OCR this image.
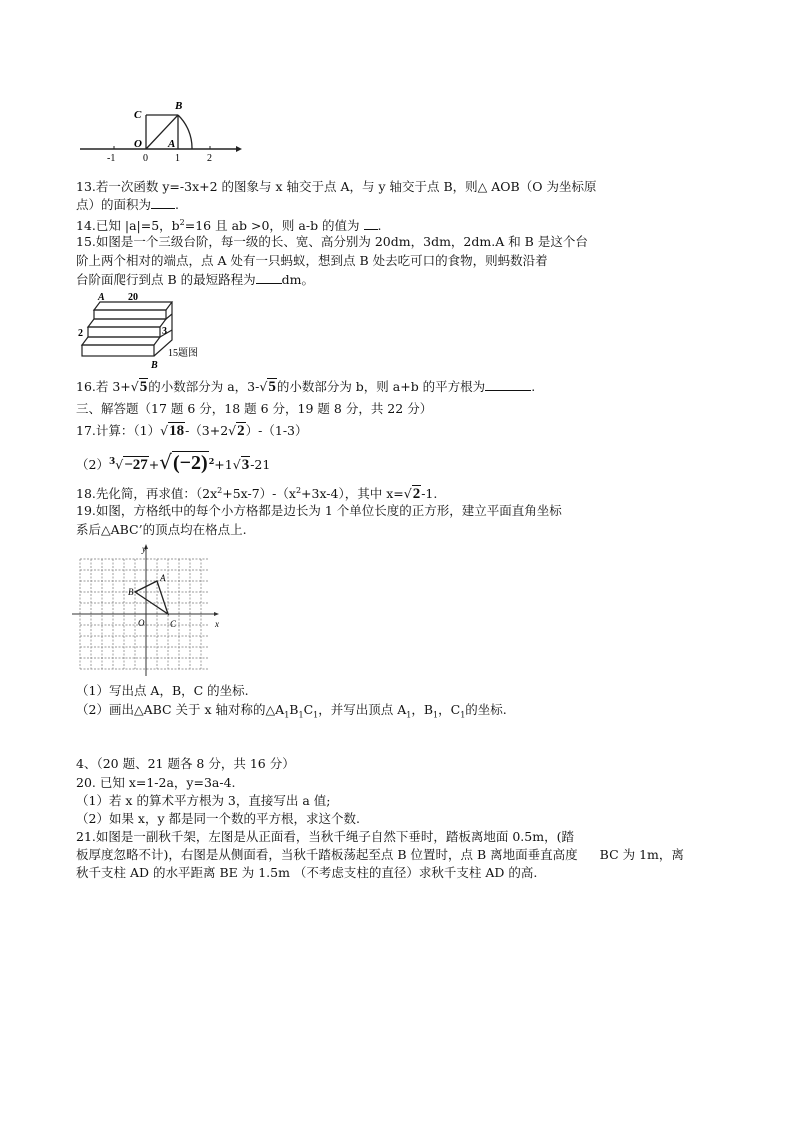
C
B
O A
-1	0	1	2
13.若一次函数 y=-3x+2 的图象与 x 轴交于点 A，与 y 轴交于点 B，则△ AOB（O 为坐标原
点）的面积为 .
14.已知 |a|=5，$b^2=16$ 且 ab >0，则 a-b 的值为 .
15.如图是一个三级台阶，每一级的长、宽、高分别为 20dm，3dm，2dm.A 和 B 是这个台
阶上两个相对的端点，点 A 处有一只蚂蚁，想到点 B 处去吃可口的食物，则蚂数沿着
台阶面爬行到点 B 的最短路程为 dm。
A 20
2	3
B
15题图
16.若 3+√5的小数部分为 a，3-√5的小数部分为 b，则 a+b 的平方根为	.
三、解答题（17 题 6 分，18 题 6 分，19 题 8 分，共 22 分）
17.计算：（1）√18-（3+2√2）-（1-3）
$(2)^3√-27+√(-2)^2+1√3-21$
18.先化简，再求值：$(2x^2+5x-7)-(x^2+3x-4)$，其中 x=√2-1.
19.如图，方格纸中的每个小方格都是边长为 1 个单位长度的正方形，建立平面直角坐标
系后△ABC’的顶点均在格点上.
y
x
O
A
B
C
（1）写出点 A，B，C 的坐标.
（2）画出△ABC 关于 x 轴对称的$\triangle A_1B_1C_1$，并写出顶点 $A_1$，$B_1$，$C_1$的坐标.
4、（20 题、21 题各 8 分，共 16 分）
20. 已知 x=1-2a，y=3a-4.
（1）若 x 的算术平方根为 3，直接写出 a 值;
（2）如果 x，y 都是同一个数的平方根，求这个数.
21.如图是一副秋千架，左图是从正面看，当秋千绳子自然下垂时，踏板离地面 0.5m，(踏
板厚度忽略不计)，右图是从侧面看，当秋千踏板荡起至点 B 位置时，点 B 离地面垂直高度 BC 为 1m，离
秋千支柱 AD 的水平距离 BE 为 1.5m （不考虑支柱的直径）求秋千支柱 AD 的高.
